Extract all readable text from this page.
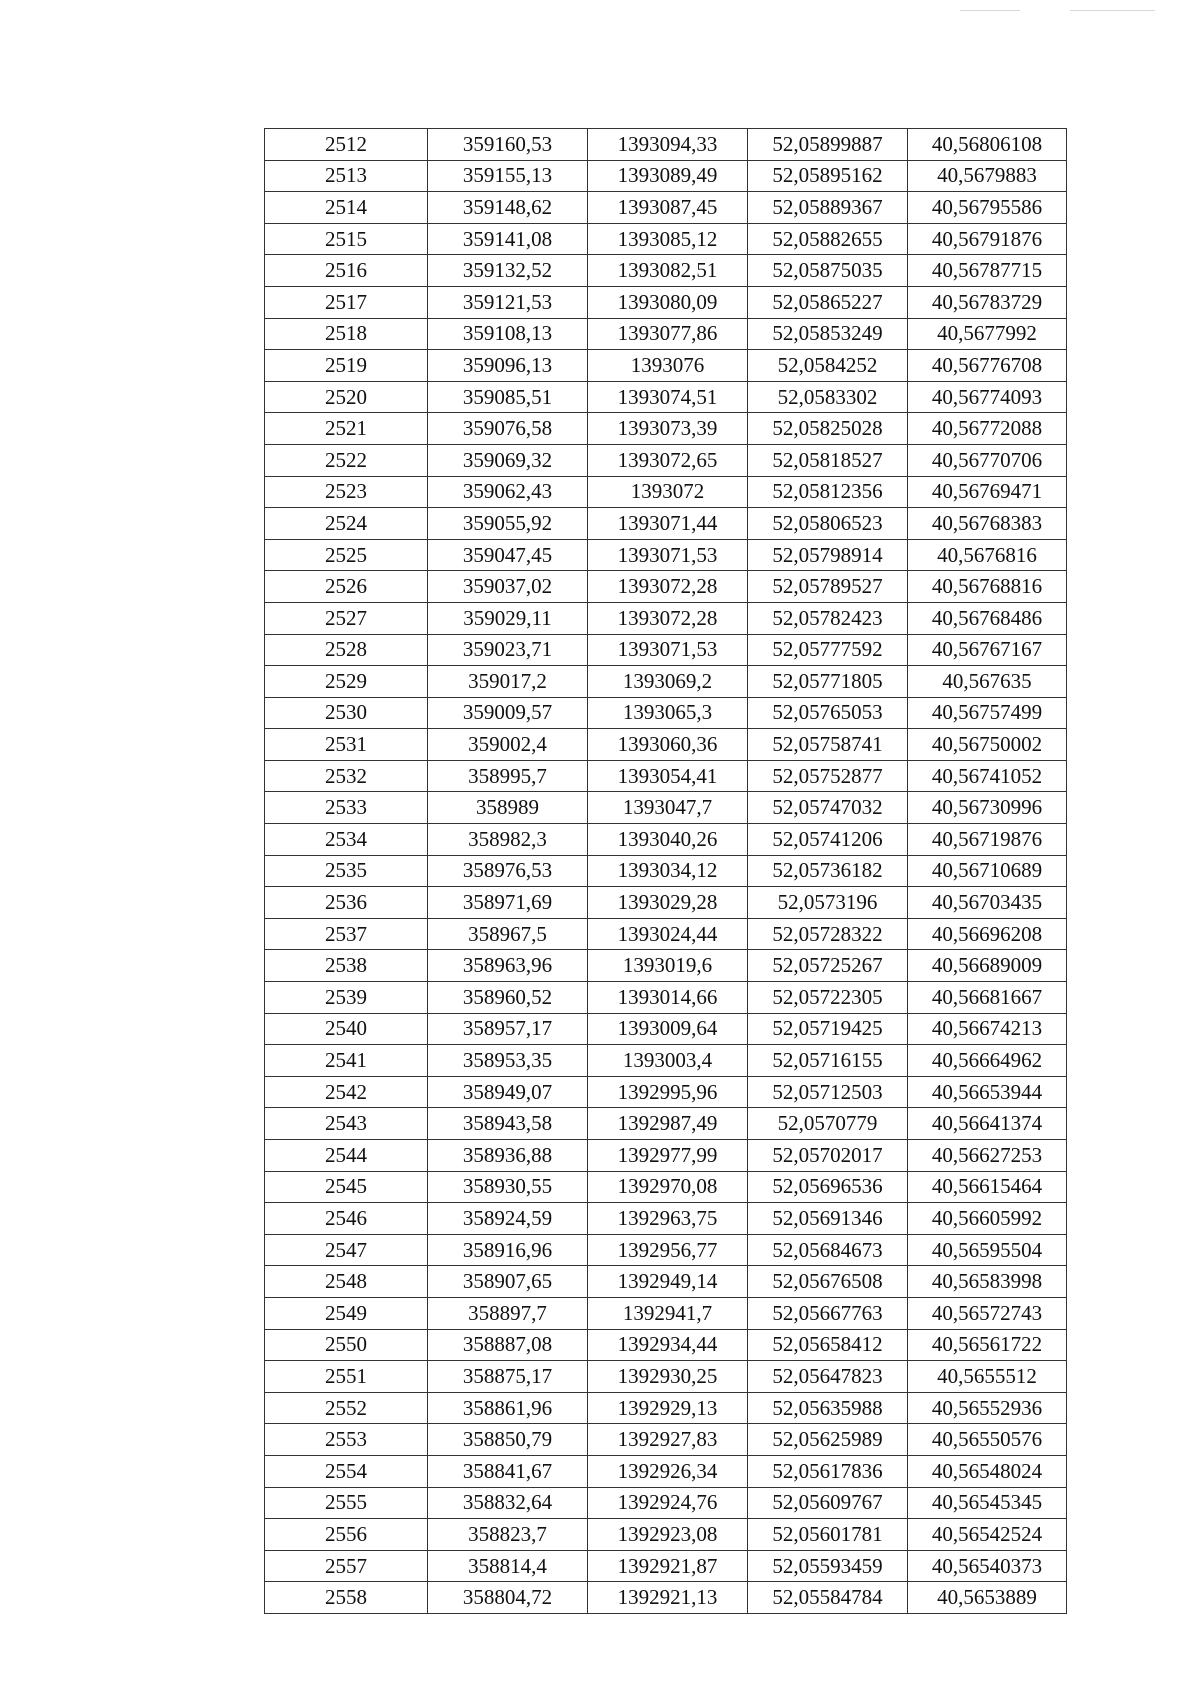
2512	359160,53	1393094,33	52,05899887	40,56806108
2513	359155,13	1393089,49	52,05895162	40,5679883
2514	359148,62	1393087,45	52,05889367	40,56795586
2515	359141,08	1393085,12	52,05882655	40,56791876
2516	359132,52	1393082,51	52,05875035	40,56787715
2517	359121,53	1393080,09	52,05865227	40,56783729
2518	359108,13	1393077,86	52,05853249	40,5677992
2519	359096,13	1393076	52,0584252	40,56776708
2520	359085,51	1393074,51	52,0583302	40,56774093
2521	359076,58	1393073,39	52,05825028	40,56772088
2522	359069,32	1393072,65	52,05818527	40,56770706
2523	359062,43	1393072	52,05812356	40,56769471
2524	359055,92	1393071,44	52,05806523	40,56768383
2525	359047,45	1393071,53	52,05798914	40,5676816
2526	359037,02	1393072,28	52,05789527	40,56768816
2527	359029,11	1393072,28	52,05782423	40,56768486
2528	359023,71	1393071,53	52,05777592	40,56767167
2529	359017,2	1393069,2	52,05771805	40,567635
2530	359009,57	1393065,3	52,05765053	40,56757499
2531	359002,4	1393060,36	52,05758741	40,56750002
2532	358995,7	1393054,41	52,05752877	40,56741052
2533	358989	1393047,7	52,05747032	40,56730996
2534	358982,3	1393040,26	52,05741206	40,56719876
2535	358976,53	1393034,12	52,05736182	40,56710689
2536	358971,69	1393029,28	52,0573196	40,56703435
2537	358967,5	1393024,44	52,05728322	40,56696208
2538	358963,96	1393019,6	52,05725267	40,56689009
2539	358960,52	1393014,66	52,05722305	40,56681667
2540	358957,17	1393009,64	52,05719425	40,56674213
2541	358953,35	1393003,4	52,05716155	40,56664962
2542	358949,07	1392995,96	52,05712503	40,56653944
2543	358943,58	1392987,49	52,0570779	40,56641374
2544	358936,88	1392977,99	52,05702017	40,56627253
2545	358930,55	1392970,08	52,05696536	40,56615464
2546	358924,59	1392963,75	52,05691346	40,56605992
2547	358916,96	1392956,77	52,05684673	40,56595504
2548	358907,65	1392949,14	52,05676508	40,56583998
2549	358897,7	1392941,7	52,05667763	40,56572743
2550	358887,08	1392934,44	52,05658412	40,56561722
2551	358875,17	1392930,25	52,05647823	40,5655512
2552	358861,96	1392929,13	52,05635988	40,56552936
2553	358850,79	1392927,83	52,05625989	40,56550576
2554	358841,67	1392926,34	52,05617836	40,56548024
2555	358832,64	1392924,76	52,05609767	40,56545345
2556	358823,7	1392923,08	52,05601781	40,56542524
2557	358814,4	1392921,87	52,05593459	40,56540373
2558	358804,72	1392921,13	52,05584784	40,5653889
